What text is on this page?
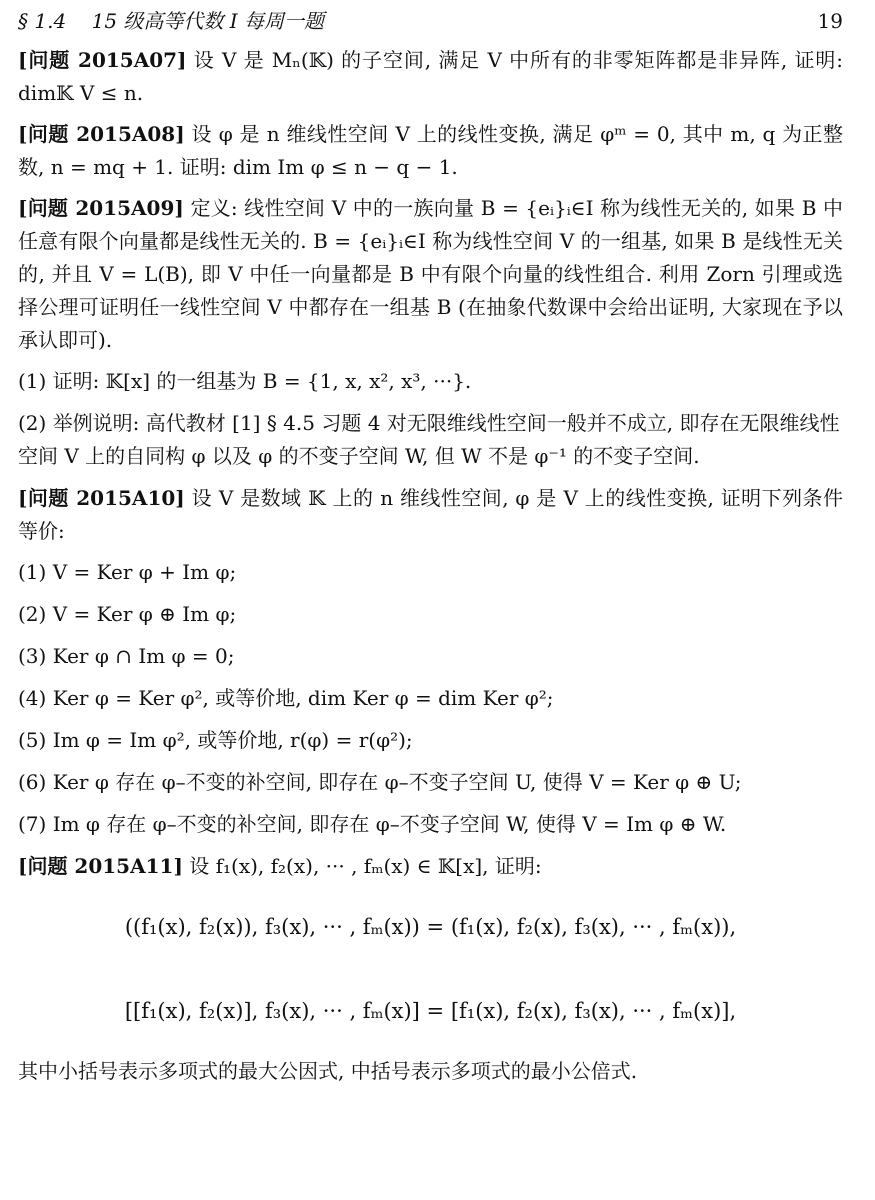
§ 1.4 15 级高等代数 I 每周一题	19

[问题 2015A07] 设 V 是 Mₙ(𝕂) 的子空间, 满足 V 中所有的非零矩阵都是非异阵, 证明: dim𝕂 V ≤ n.

[问题 2015A08] 设 φ 是 n 维线性空间 V 上的线性变换, 满足 φᵐ = 0, 其中 m, q 为正整数, n = mq + 1. 证明: dim Im φ ≤ n − q − 1.

[问题 2015A09] 定义: 线性空间 V 中的一族向量 B = {eᵢ}ᵢ∈I 称为线性无关的, 如果 B 中任意有限个向量都是线性无关的. B = {eᵢ}ᵢ∈I 称为线性空间 V 的一组基, 如果 B 是线性无关的, 并且 V = L(B), 即 V 中任一向量都是 B 中有限个向量的线性组合. 利用 Zorn 引理或选择公理可证明任一线性空间 V 中都存在一组基 B (在抽象代数课中会给出证明, 大家现在予以承认即可).

(1) 证明: 𝕂[x] 的一组基为 B = {1, x, x², x³, ···}.

(2) 举例说明: 高代教材 [1] § 4.5 习题 4 对无限维线性空间一般并不成立, 即存在无限维线性空间 V 上的自同构 φ 以及 φ 的不变子空间 W, 但 W 不是 φ⁻¹ 的不变子空间.

[问题 2015A10] 设 V 是数域 𝕂 上的 n 维线性空间, φ 是 V 上的线性变换, 证明下列条件等价:

(1) V = Ker φ + Im φ;

(2) V = Ker φ ⊕ Im φ;

(3) Ker φ ∩ Im φ = 0;

(4) Ker φ = Ker φ², 或等价地, dim Ker φ = dim Ker φ²;

(5) Im φ = Im φ², 或等价地, r(φ) = r(φ²);

(6) Ker φ 存在 φ–不变的补空间, 即存在 φ–不变子空间 U, 使得 V = Ker φ ⊕ U;

(7) Im φ 存在 φ–不变的补空间, 即存在 φ–不变子空间 W, 使得 V = Im φ ⊕ W.

[问题 2015A11] 设 f₁(x), f₂(x), ··· , fₘ(x) ∈ 𝕂[x], 证明:

((f₁(x), f₂(x)), f₃(x), ··· , fₘ(x)) = (f₁(x), f₂(x), f₃(x), ··· , fₘ(x)),

[[f₁(x), f₂(x)], f₃(x), ··· , fₘ(x)] = [f₁(x), f₂(x), f₃(x), ··· , fₘ(x)],

其中小括号表示多项式的最大公因式, 中括号表示多项式的最小公倍式.
